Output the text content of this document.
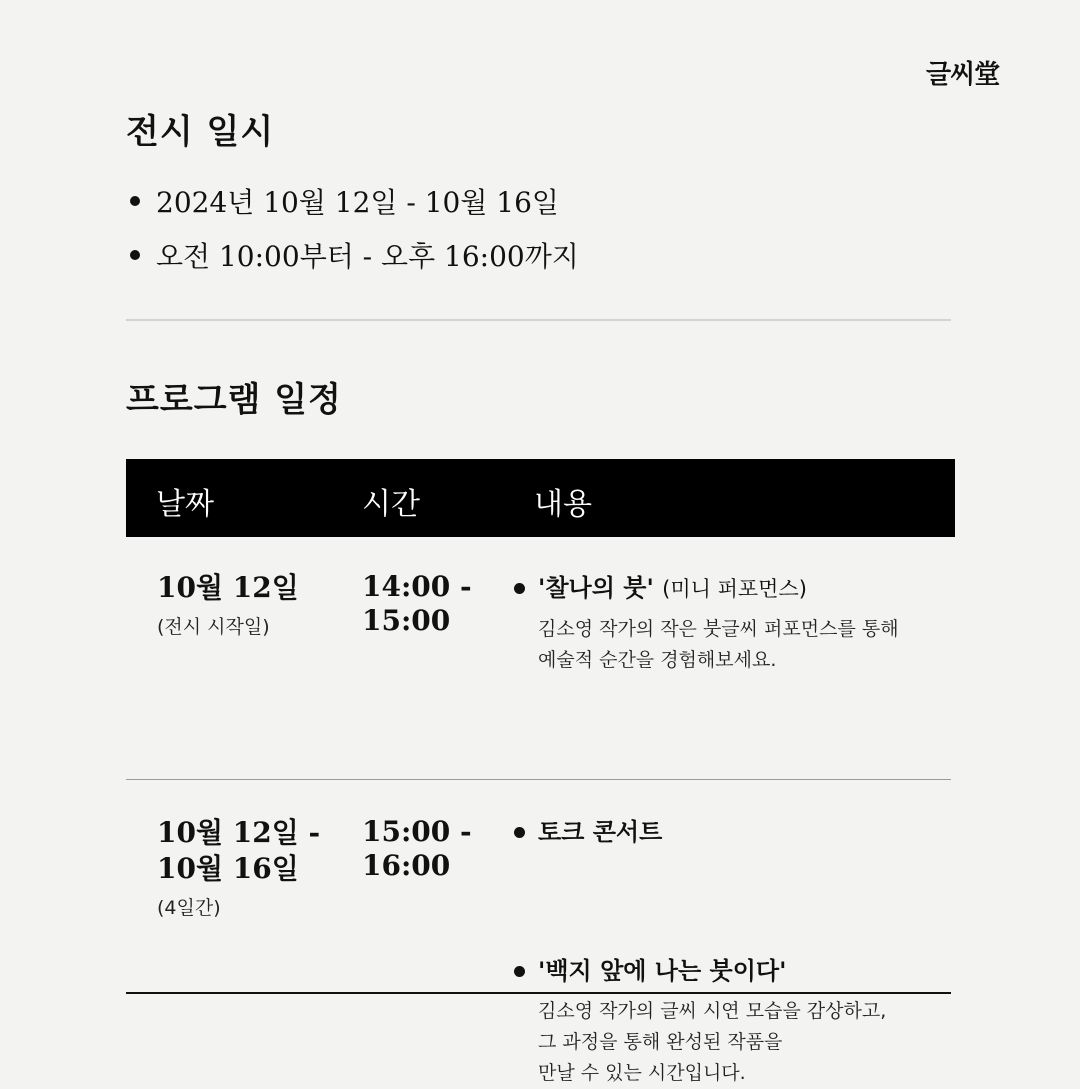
글씨堂
전시 일시
2024년 10월 12일 - 10월 16일
오전 10:00부터 - 오후 16:00까지
프로그램 일정
날짜	시간	내용
10월 12일
(전시 시작일)
14:00 -
15:00
'찰나의 붓' (미니 퍼포먼스)
김소영 작가의 작은 붓글씨 퍼포먼스를 통해
예술적 순간을 경험해보세요.
토크 콘서트
10월 12일 -
10월 16일
(4일간)
15:00 -
16:00
'백지 앞에 나는 붓이다'
김소영 작가의 글씨 시연 모습을 감상하고,
그 과정을 통해 완성된 작품을
만날 수 있는 시간입니다.
